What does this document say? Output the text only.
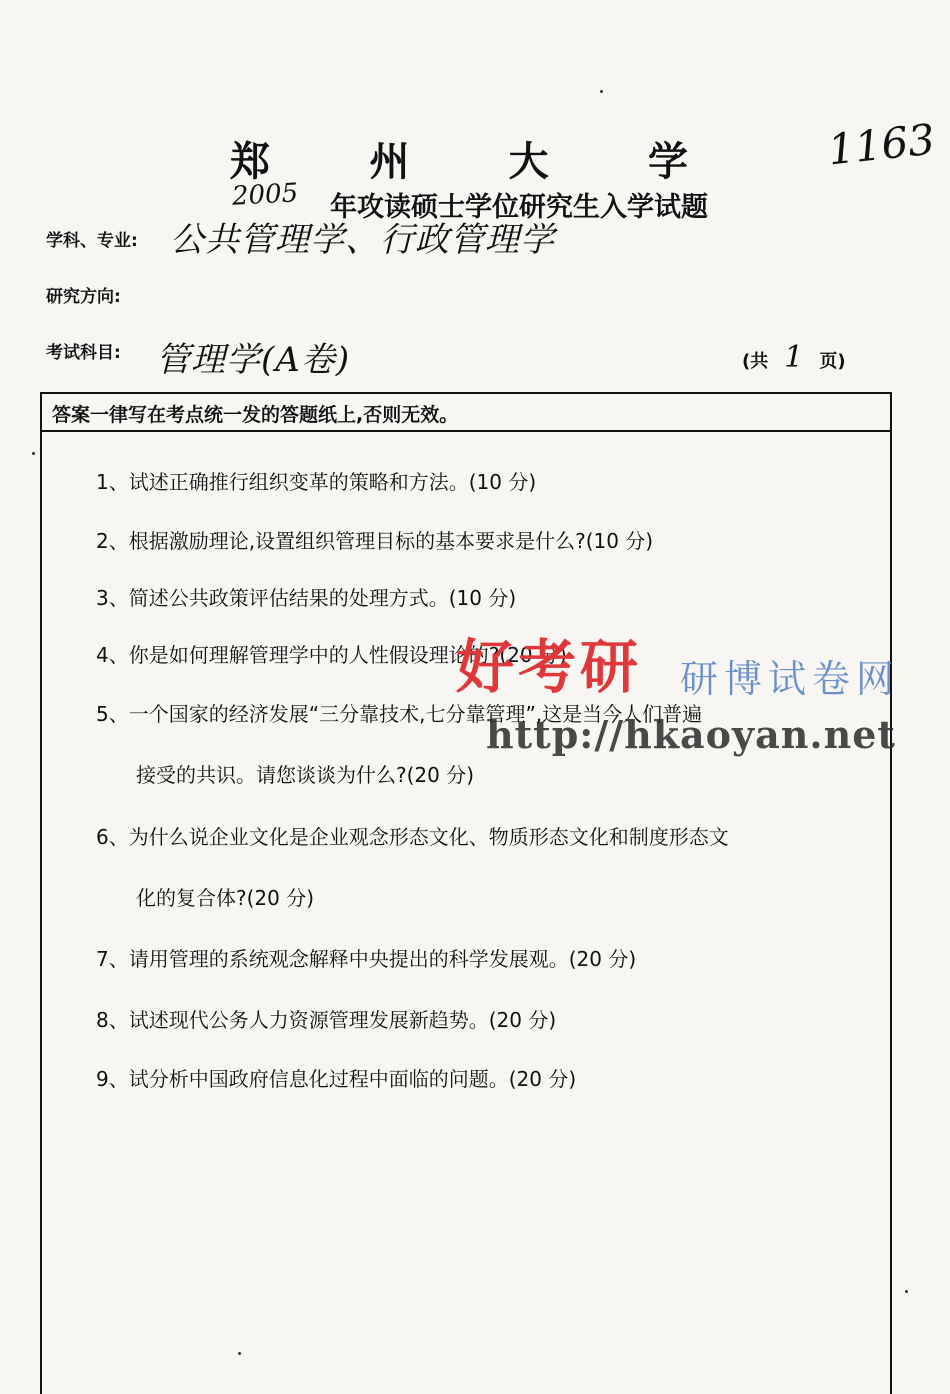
郑 州 大 学	1163
2005 年攻读硕士学位研究生入学试题
学科、专业: 公共管理学、行政管理学
研究方向:
考试科目: 管理学(A卷)	(共 1 页)
答案一律写在考点统一发的答题纸上,否则无效。

1、试述正确推行组织变革的策略和方法。(10 分)

2、根据激励理论,设置组织管理目标的基本要求是什么?(10 分)

3、简述公共政策评估结果的处理方式。(10 分)

4、你是如何理解管理学中的人性假设理论的?(20 分)

5、一个国家的经济发展“三分靠技术,七分靠管理”,这是当今人们普遍
接受的共识。请您谈谈为什么?(20 分)

6、为什么说企业文化是企业观念形态文化、物质形态文化和制度形态文
化的复合体?(20 分)

7、请用管理的系统观念解释中央提出的科学发展观。(20 分)

8、试述现代公务人力资源管理发展新趋势。(20 分)

9、试分析中国政府信息化过程中面临的问题。(20 分)

好考研 研博试卷网
http://hkaoyan.net
